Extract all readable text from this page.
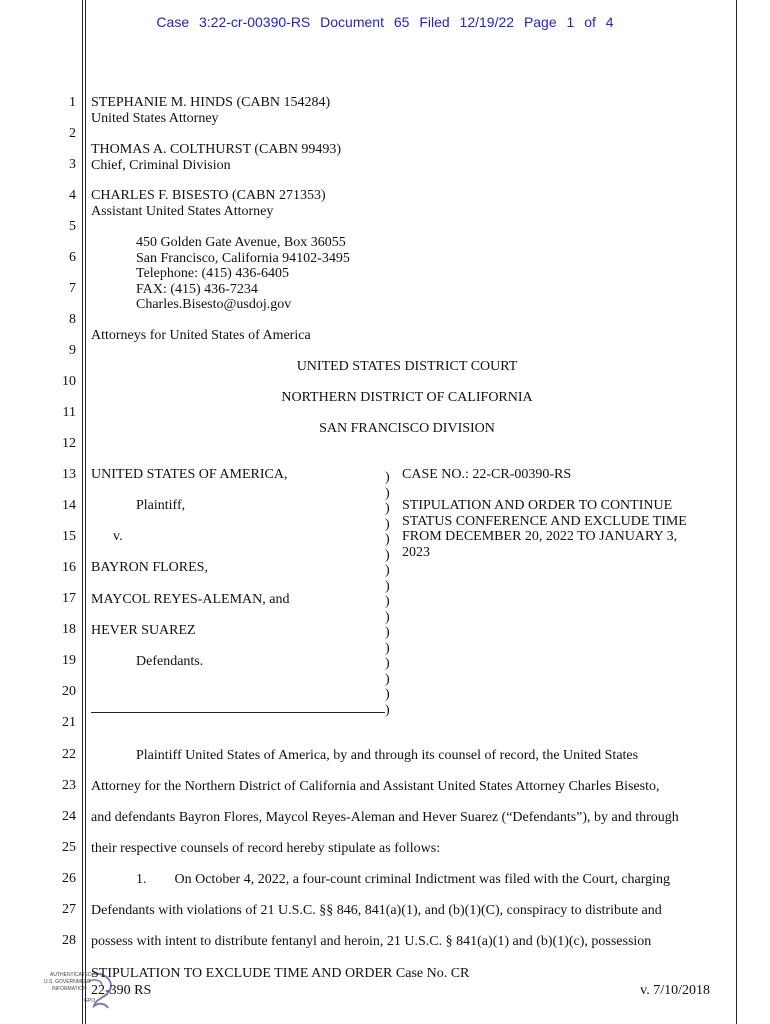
Case 3:22-cr-00390-RS Document 65 Filed 12/19/22 Page 1 of 4
1
2
3
4
5
6
7
8
9
10
11
12
13
14
15
16
17
18
19
20
21
22
23
24
25
26
27
28
STEPHANIE M. HINDS (CABN 154284)
United States Attorney
THOMAS A. COLTHURST (CABN 99493)
Chief, Criminal Division
CHARLES F. BISESTO (CABN 271353)
Assistant United States Attorney
450 Golden Gate Avenue, Box 36055
San Francisco, California 94102-3495
Telephone: (415) 436-6405
FAX: (415) 436-7234
Charles.Bisesto@usdoj.gov
Attorneys for United States of America
UNITED STATES DISTRICT COURT
NORTHERN DISTRICT OF CALIFORNIA
SAN FRANCISCO DIVISION
UNITED STATES OF AMERICA,
Plaintiff,
v.
BAYRON FLORES,
MAYCOL REYES-ALEMAN, and
HEVER SUAREZ
Defendants.
)
)
)
)
)
)
)
)
)
)
)
)
)
)
)
)
CASE NO.: 22-CR-00390-RS
STIPULATION AND ORDER TO CONTINUE
STATUS CONFERENCE AND EXCLUDE TIME
FROM DECEMBER 20, 2022 TO JANUARY 3,
2023
Plaintiff United States of America, by and through its counsel of record, the United States
Attorney for the Northern District of California and Assistant United States Attorney Charles Bisesto,
and defendants Bayron Flores, Maycol Reyes-Aleman and Hever Suarez (“Defendants”), by and through
their respective counsels of record hereby stipulate as follows:
1.        On October 4, 2022, a four-count criminal Indictment was filed with the Court, charging
Defendants with violations of 21 U.S.C. §§ 846, 841(a)(1), and (b)(1)(C), conspiracy to distribute and
possess with intent to distribute fentanyl and heroin, 21 U.S.C. § 841(a)(1) and (b)(1)(c), possession
AUTHENTICATED
U.S. GOVERNMENT
INFORMATION
GPO
STIPULATION TO EXCLUDE TIME AND ORDER Case No. CR
22-390 RS	v. 7/10/2018
